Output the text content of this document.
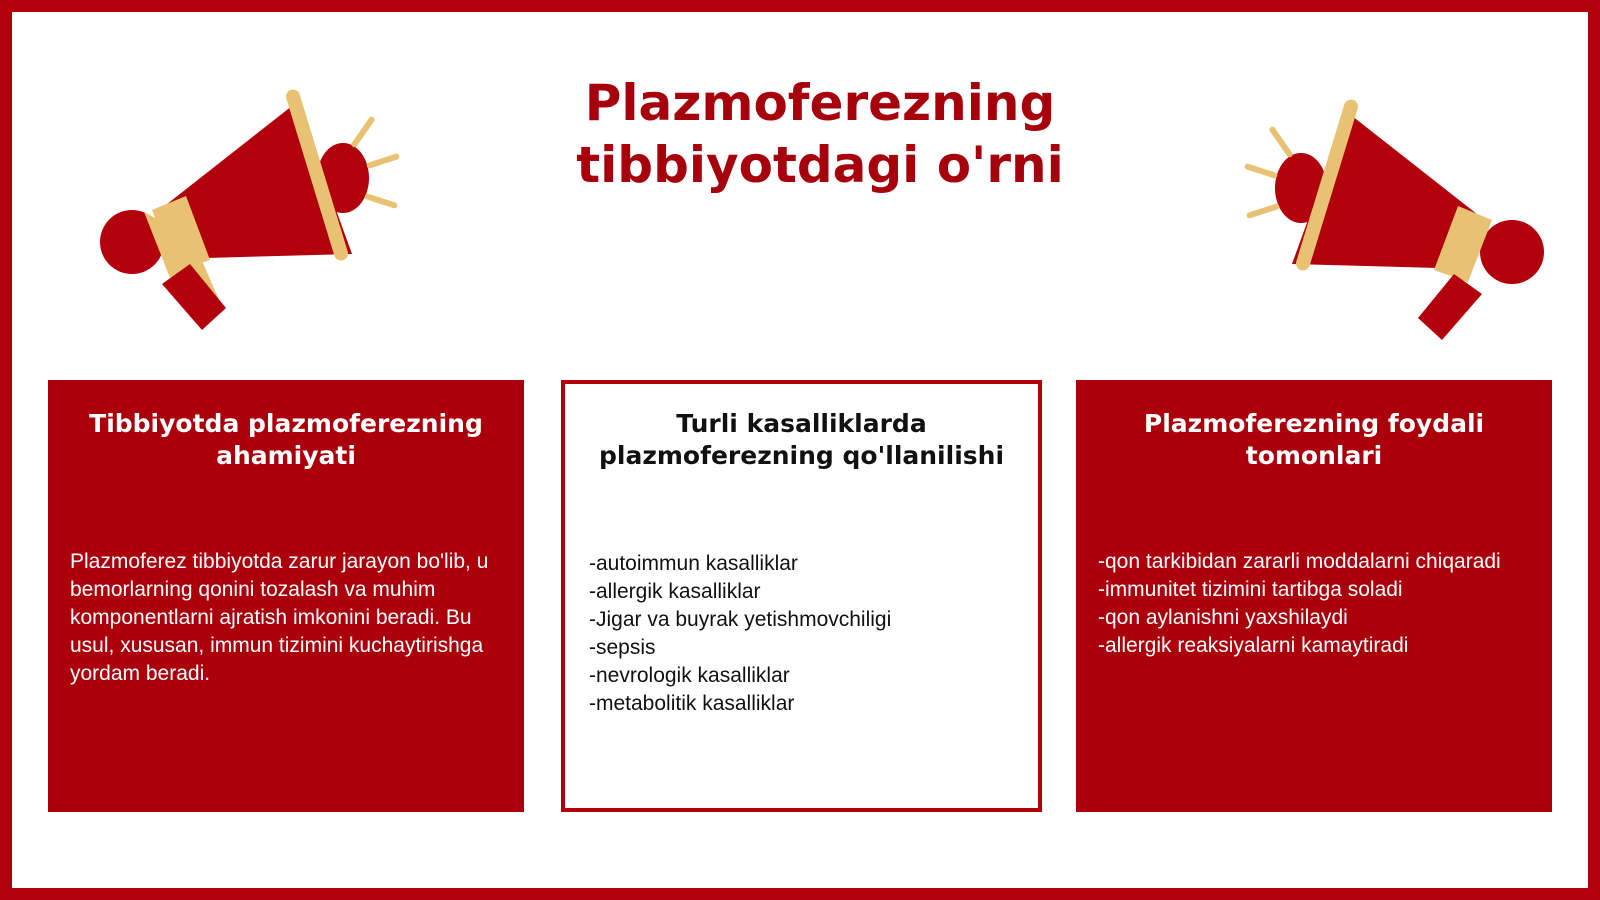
Plazmoferezning
tibbiyotdagi o'rni
Tibbiyotda plazmoferezning ahamiyati

Plazmoferez tibbiyotda zarur jarayon bo'lib, u bemorlarning qonini tozalash va muhim komponentlarni ajratish imkonini beradi. Bu usul, xususan, immun tizimini kuchaytirishga yordam beradi.

Turli kasalliklarda plazmoferezning qo'llanilishi
-autoimmun kasalliklar
-allergik kasalliklar
-Jigar va buyrak yetishmovchiligi
-sepsis
-nevrologik kasalliklar
-metabolitik kasalliklar
Plazmoferezning foydali tomonlari
-qon tarkibidan zararli moddalarni chiqaradi
-immunitet tizimini tartibga soladi
-qon aylanishni yaxshilaydi
-allergik reaksiyalarni kamaytiradi
